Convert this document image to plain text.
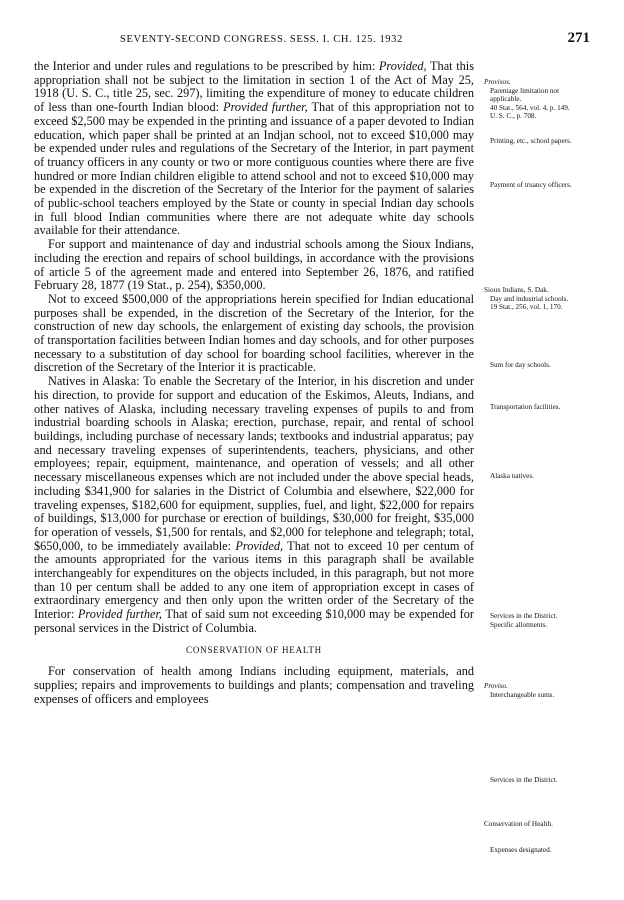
SEVENTY-SECOND CONGRESS. SESS. I. CH. 125. 1932	271

the Interior and under rules and regulations to be prescribed by him: Provided, That this appropriation shall not be subject to the limitation in section 1 of the Act of May 25, 1918 (U. S. C., title 25, sec. 297), limiting the expenditure of money to educate children of less than one-fourth Indian blood: Provided further, That of this appropriation not to exceed $2,500 may be expended in the printing and issuance of a paper devoted to Indian education, which paper shall be printed at an Indjan school, not to exceed $10,000 may be expended under rules and regulations of the Secretary of the Interior, in part payment of truancy officers in any county or two or more contiguous counties where there are five hundred or more Indian children eligible to attend school and not to exceed $10,000 may be expended in the discretion of the Secretary of the Interior for the payment of salaries of public-school teachers employed by the State or county in special Indian day schools in full blood Indian communities where there are not adequate white day schools available for their attendance.

For support and maintenance of day and industrial schools among the Sioux Indians, including the erection and repairs of school buildings, in accordance with the provisions of article 5 of the agreement made and entered into September 26, 1876, and ratified February 28, 1877 (19 Stat., p. 254), $350,000.

Not to exceed $500,000 of the appropriations herein specified for Indian educational purposes shall be expended, in the discretion of the Secretary of the Interior, for the construction of new day schools, the enlargement of existing day schools, the provision of transportation facilities between Indian homes and day schools, and for other purposes necessary to a substitution of day school for boarding school facilities, wherever in the discretion of the Secretary of the Interior it is practicable.

Natives in Alaska: To enable the Secretary of the Interior, in his discretion and under his direction, to provide for support and education of the Eskimos, Aleuts, Indians, and other natives of Alaska, including necessary traveling expenses of pupils to and from industrial boarding schools in Alaska; erection, purchase, repair, and rental of school buildings, including purchase of necessary lands; textbooks and industrial apparatus; pay and necessary traveling expenses of superintendents, teachers, physicians, and other employees; repair, equipment, maintenance, and operation of vessels; and all other necessary miscellaneous expenses which are not included under the above special heads, including $341,900 for salaries in the District of Columbia and elsewhere, $22,000 for traveling expenses, $182,600 for equipment, supplies, fuel, and light, $22,000 for repairs of buildings, $13,000 for purchase or erection of buildings, $30,000 for freight, $35,000 for operation of vessels, $1,500 for rentals, and $2,000 for telephone and telegraph; total, $650,000, to be immediately available: Provided, That not to exceed 10 per centum of the amounts appropriated for the various items in this paragraph shall be available interchangeably for expenditures on the objects included, in this paragraph, but not more than 10 per centum shall be added to any one item of appropriation except in cases of extraordinary emergency and then only upon the written order of the Secretary of the Interior: Provided further, That of said sum not exceeding $10,000 may be expended for personal services in the District of Columbia.

CONSERVATION OF HEALTH

For conservation of health among Indians including equipment, materials, and supplies; repairs and improvements to buildings and plants; compensation and traveling expenses of officers and employees

Provisos.
Parentage limitation not applicable.
40 Stat., 564, vol. 4, p. 149.
U. S. C., p. 708.
Printing, etc., school papers.
Payment of truancy officers.
Sioux Indians, S. Dak.
Day and industrial schools.
19 Stat., 256, vol. 1, 170.
Sum for day schools.
Transportation facilities.
Alaska natives.
Services in the District.
Specific allotments.
Proviso.
Interchangeable sums.
Services in the District.
Conservation of Health.
Expenses designated.
